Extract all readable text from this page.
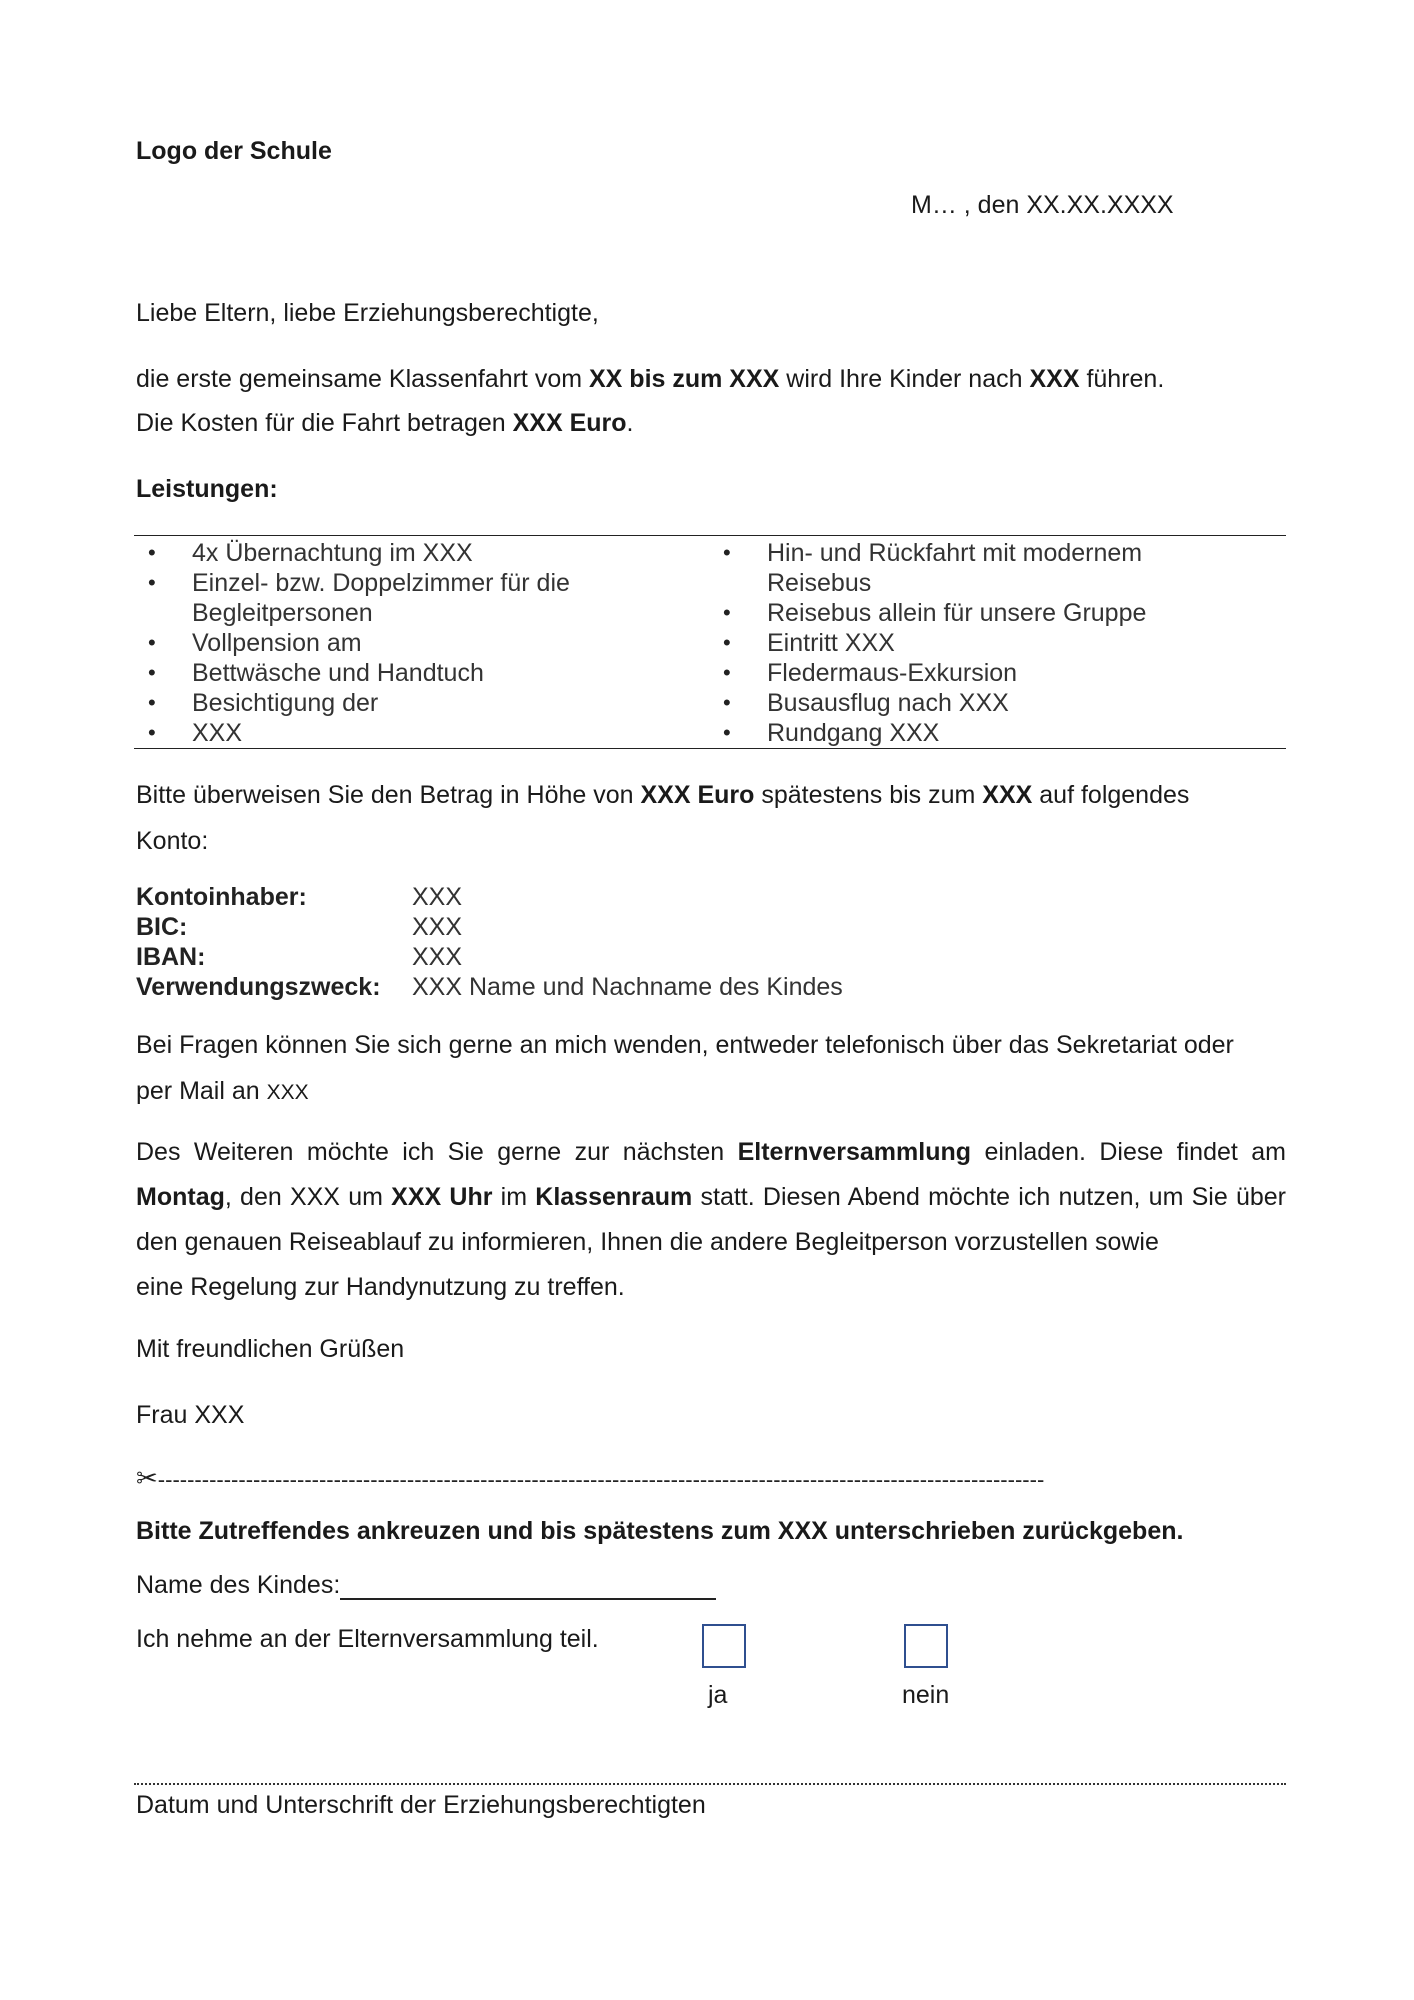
Logo der Schule
M… , den XX.XX.XXXX
Liebe Eltern, liebe Erziehungsberechtigte,
die erste gemeinsame Klassenfahrt vom XX bis zum XXX wird Ihre Kinder nach XXX führen.
Die Kosten für die Fahrt betragen XXX Euro.
Leistungen:
• 4x Übernachtung im XXX
• Einzel- bzw. Doppelzimmer für die Begleitpersonen
• Vollpension am
• Bettwäsche und Handtuch
• Besichtigung der
• XXX
• Hin- und Rückfahrt mit modernem Reisebus
• Reisebus allein für unsere Gruppe
• Eintritt XXX
• Fledermaus-Exkursion
• Busausflug nach XXX
• Rundgang XXX
Bitte überweisen Sie den Betrag in Höhe von XXX Euro spätestens bis zum XXX auf folgendes
Konto:
Kontoinhaber:	XXX
BIC:	XXX
IBAN:	XXX
Verwendungszweck:	XXX Name und Nachname des Kindes
Bei Fragen können Sie sich gerne an mich wenden, entweder telefonisch über das Sekretariat oder
per Mail an XXX
Des Weiteren möchte ich Sie gerne zur nächsten Elternversammlung einladen. Diese findet am Montag, den XXX um XXX Uhr im Klassenraum statt. Diesen Abend möchte ich nutzen, um Sie über den genauen Reiseablauf zu informieren, Ihnen die andere Begleitperson vorzustellen sowie
eine Regelung zur Handynutzung zu treffen.
Mit freundlichen Grüßen
Frau XXX
✂-------------------------------------------------------------------------------------------------------------------------
Bitte Zutreffendes ankreuzen und bis spätestens zum XXX unterschrieben zurückgeben.
Name des Kindes:
Ich nehme an der Elternversammlung teil.
ja	nein
Datum und Unterschrift der Erziehungsberechtigten
